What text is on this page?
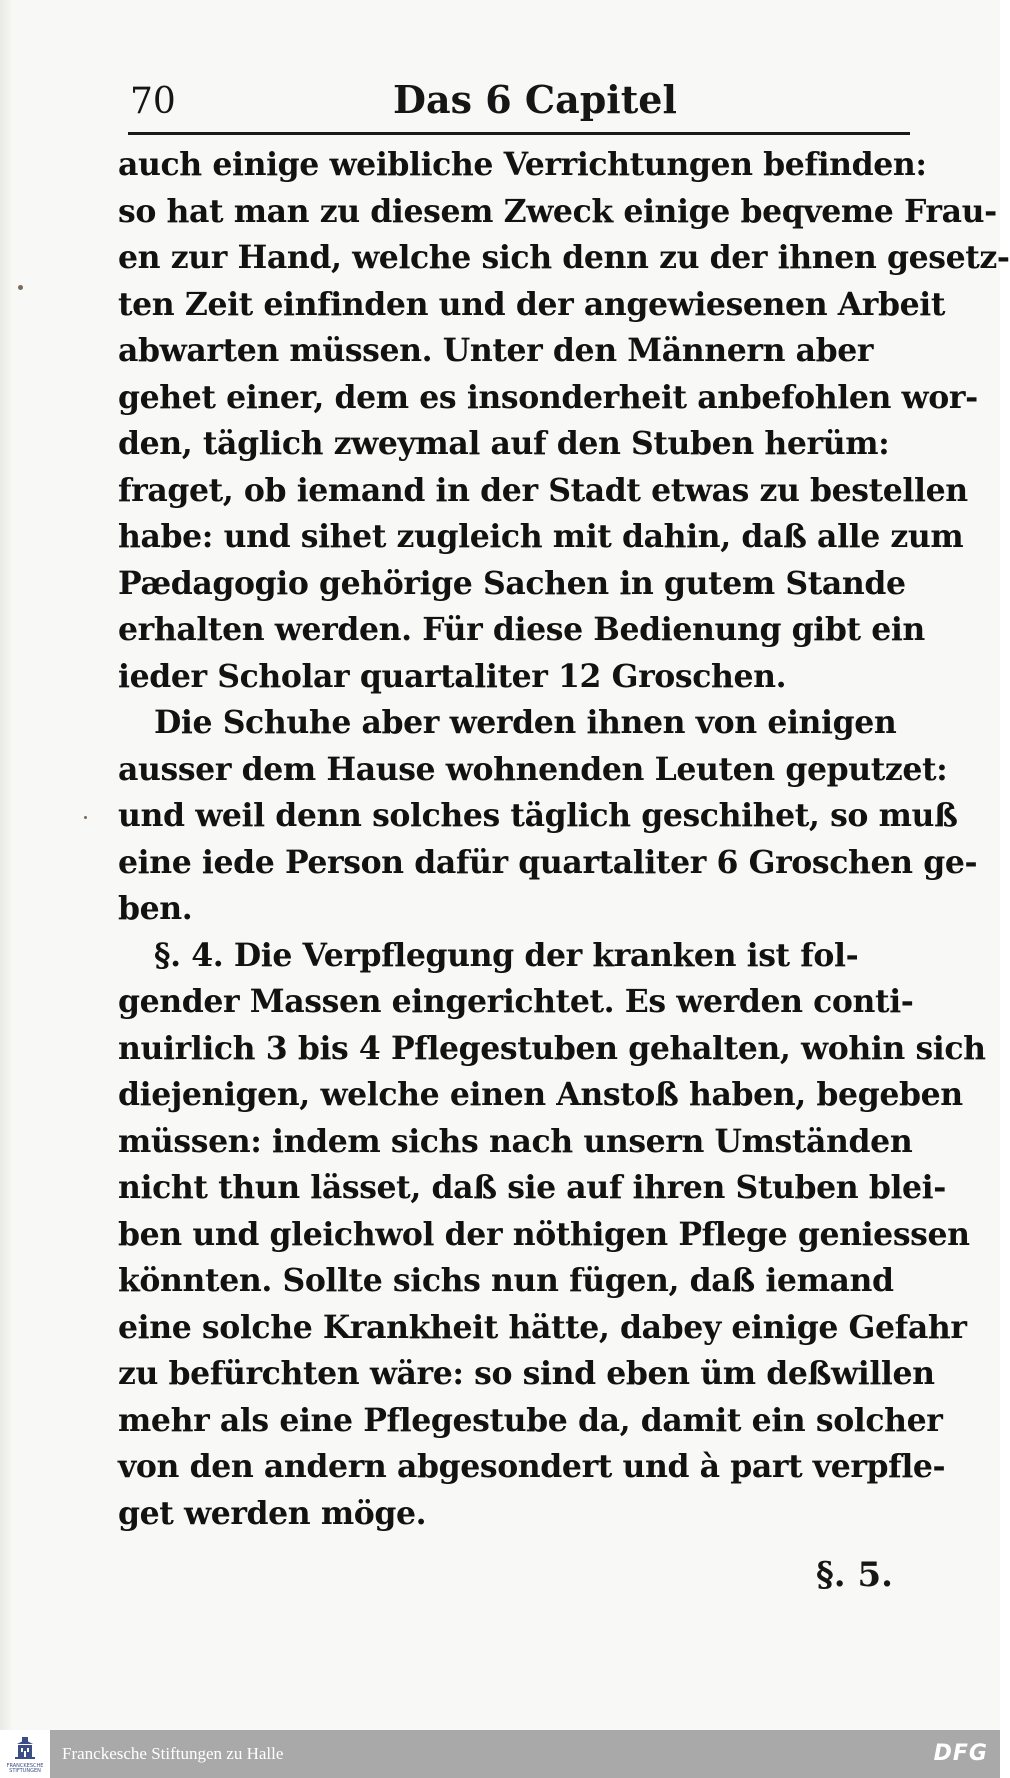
70	Das 6 Capitel
auch einige weibliche Verrichtungen befinden:
so hat man zu diesem Zweck einige beqveme Frau-
en zur Hand, welche sich denn zu der ihnen gesetz-
ten Zeit einfinden und der angewiesenen Arbeit
abwarten müssen. Unter den Männern aber
gehet einer, dem es insonderheit anbefohlen wor-
den, täglich zweymal auf den Stuben herüm:
fraget, ob iemand in der Stadt etwas zu bestellen
habe: und sihet zugleich mit dahin, daß alle zum
Pædagogio gehörige Sachen in gutem Stande
erhalten werden. Für diese Bedienung gibt ein
ieder Scholar quartaliter 12 Groschen.
Die Schuhe aber werden ihnen von einigen
ausser dem Hause wohnenden Leuten geputzet:
und weil denn solches täglich geschihet, so muß
eine iede Person dafür quartaliter 6 Groschen ge-
ben.
§. 4. Die Verpflegung der kranken ist fol-
gender Massen eingerichtet. Es werden conti-
nuirlich 3 bis 4 Pflegestuben gehalten, wohin sich
diejenigen, welche einen Anstoß haben, begeben
müssen: indem sichs nach unsern Umständen
nicht thun lässet, daß sie auf ihren Stuben blei-
ben und gleichwol der nöthigen Pflege geniessen
könnten. Sollte sichs nun fügen, daß iemand
eine solche Krankheit hätte, dabey einige Gefahr
zu befürchten wäre: so sind eben üm deßwillen
mehr als eine Pflegestube da, damit ein solcher
von den andern abgesondert und à part verpfle-
get werden möge.
§. 5.
FRANCKESCHE STIFTUNGEN
Franckesche Stiftungen zu Halle	DFG
